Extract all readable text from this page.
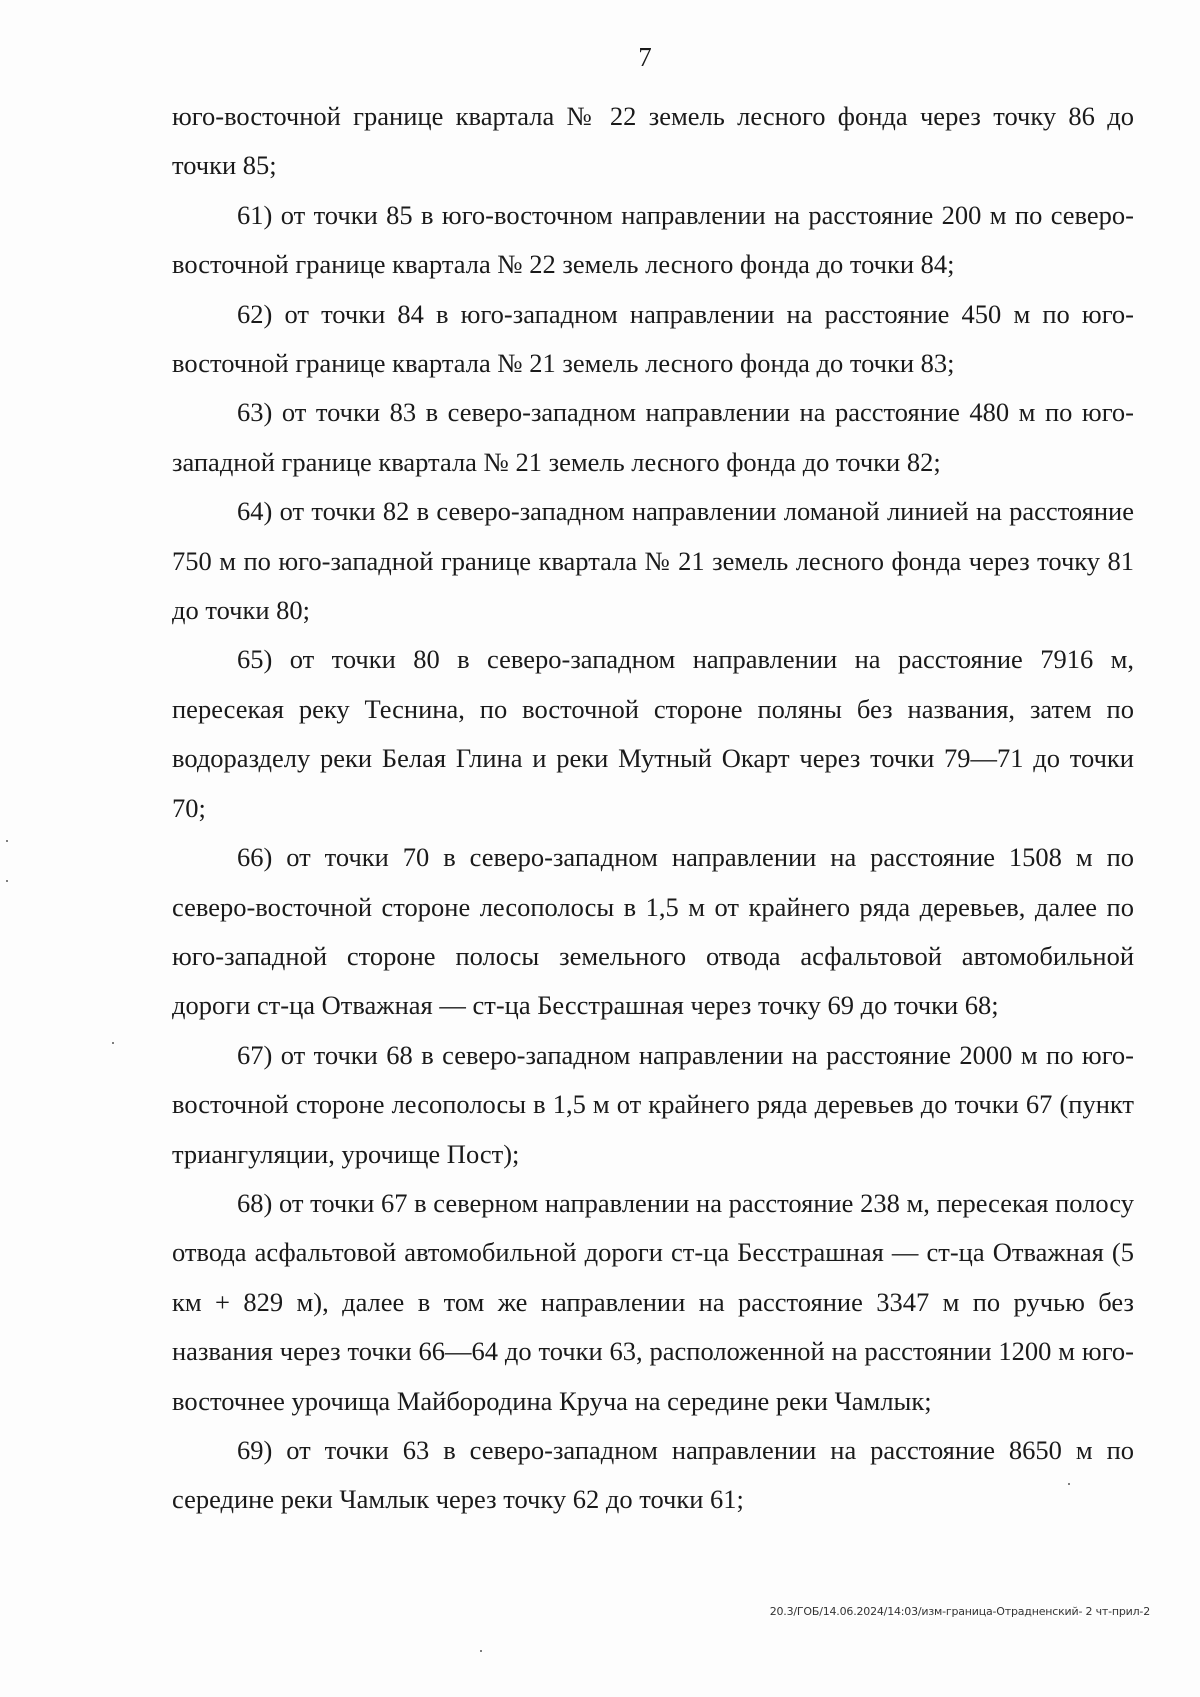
7

юго-восточной границе квартала № 22 земель лесного фонда через точку 86 до точки 85;

61) от точки 85 в юго-восточном направлении на расстояние 200 м по северо-восточной границе квартала № 22 земель лесного фонда до точки 84;

62) от точки 84 в юго-западном направлении на расстояние 450 м по юго-восточной границе квартала № 21 земель лесного фонда до точки 83;

63) от точки 83 в северо-западном направлении на расстояние 480 м по юго-западной границе квартала № 21 земель лесного фонда до точки 82;

64) от точки 82 в северо-западном направлении ломаной линией на расстояние 750 м по юго-западной границе квартала № 21 земель лесного фонда через точку 81 до точки 80;

65) от точки 80 в северо-западном направлении на расстояние 7916 м, пересекая реку Теснина, по восточной стороне поляны без названия, затем по водоразделу реки Белая Глина и реки Мутный Окарт через точки 79—71 до точки 70;

66) от точки 70 в северо-западном направлении на расстояние 1508 м по северо-восточной стороне лесополосы в 1,5 м от крайнего ряда деревьев, далее по юго-западной стороне полосы земельного отвода асфальтовой автомобильной дороги ст-ца Отважная — ст-ца Бесстрашная через точку 69 до точки 68;

67) от точки 68 в северо-западном направлении на расстояние 2000 м по юго-восточной стороне лесополосы в 1,5 м от крайнего ряда деревьев до точки 67 (пункт триангуляции, урочище Пост);

68) от точки 67 в северном направлении на расстояние 238 м, пересекая полосу отвода асфальтовой автомобильной дороги ст-ца Бесстрашная — ст-ца Отважная (5 км + 829 м), далее в том же направлении на расстояние 3347 м по ручью без названия через точки 66—64 до точки 63, расположенной на расстоянии 1200 м юго-восточнее урочища Майбородина Круча на середине реки Чамлык;

69) от точки 63 в северо-западном направлении на расстояние 8650 м по середине реки Чамлык через точку 62 до точки 61;

20.3/ГОБ/14.06.2024/14:03/изм-граница-Отрадненский- 2 чт-прил-2
